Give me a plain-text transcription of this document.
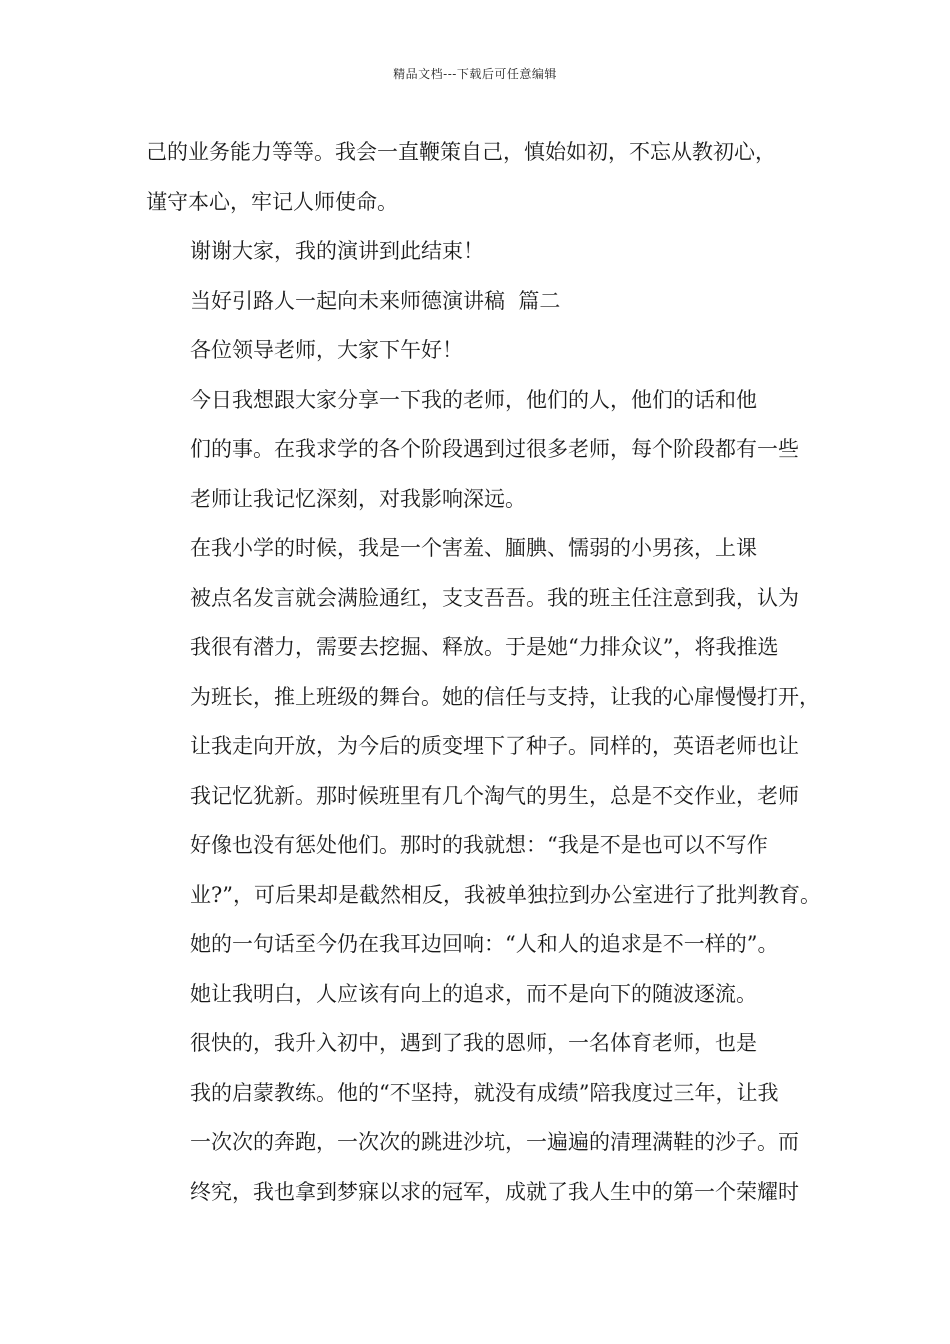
精品文档---下载后可任意编辑

己的业务能力等等。我会一直鞭策自己，慎始如初，不忘从教初心，
谨守本心，牢记人师使命。

谢谢大家，我的演讲到此结束！

当好引路人一起向未来师德演讲稿  篇二

各位领导老师，大家下午好！

今日我想跟大家分享一下我的老师，他们的人，他们的话和他
们的事。在我求学的各个阶段遇到过很多老师，每个阶段都有一些
老师让我记忆深刻，对我影响深远。

在我小学的时候，我是一个害羞、腼腆、懦弱的小男孩，上课
被点名发言就会满脸通红，支支吾吾。我的班主任注意到我，认为
我很有潜力，需要去挖掘、释放。于是她“力排众议”，将我推选
为班长，推上班级的舞台。她的信任与支持，让我的心扉慢慢打开，
让我走向开放，为今后的质变埋下了种子。同样的，英语老师也让
我记忆犹新。那时候班里有几个淘气的男生，总是不交作业，老师
好像也没有惩处他们。那时的我就想：“我是不是也可以不写作
业?”，可后果却是截然相反，我被单独拉到办公室进行了批判教育。
她的一句话至今仍在我耳边回响：“人和人的追求是不一样的”。
她让我明白，人应该有向上的追求，而不是向下的随波逐流。

很快的，我升入初中，遇到了我的恩师，一名体育老师，也是
我的启蒙教练。他的“不坚持，就没有成绩”陪我度过三年，让我
一次次的奔跑，一次次的跳进沙坑，一遍遍的清理满鞋的沙子。而
终究，我也拿到梦寐以求的冠军，成就了我人生中的第一个荣耀时
